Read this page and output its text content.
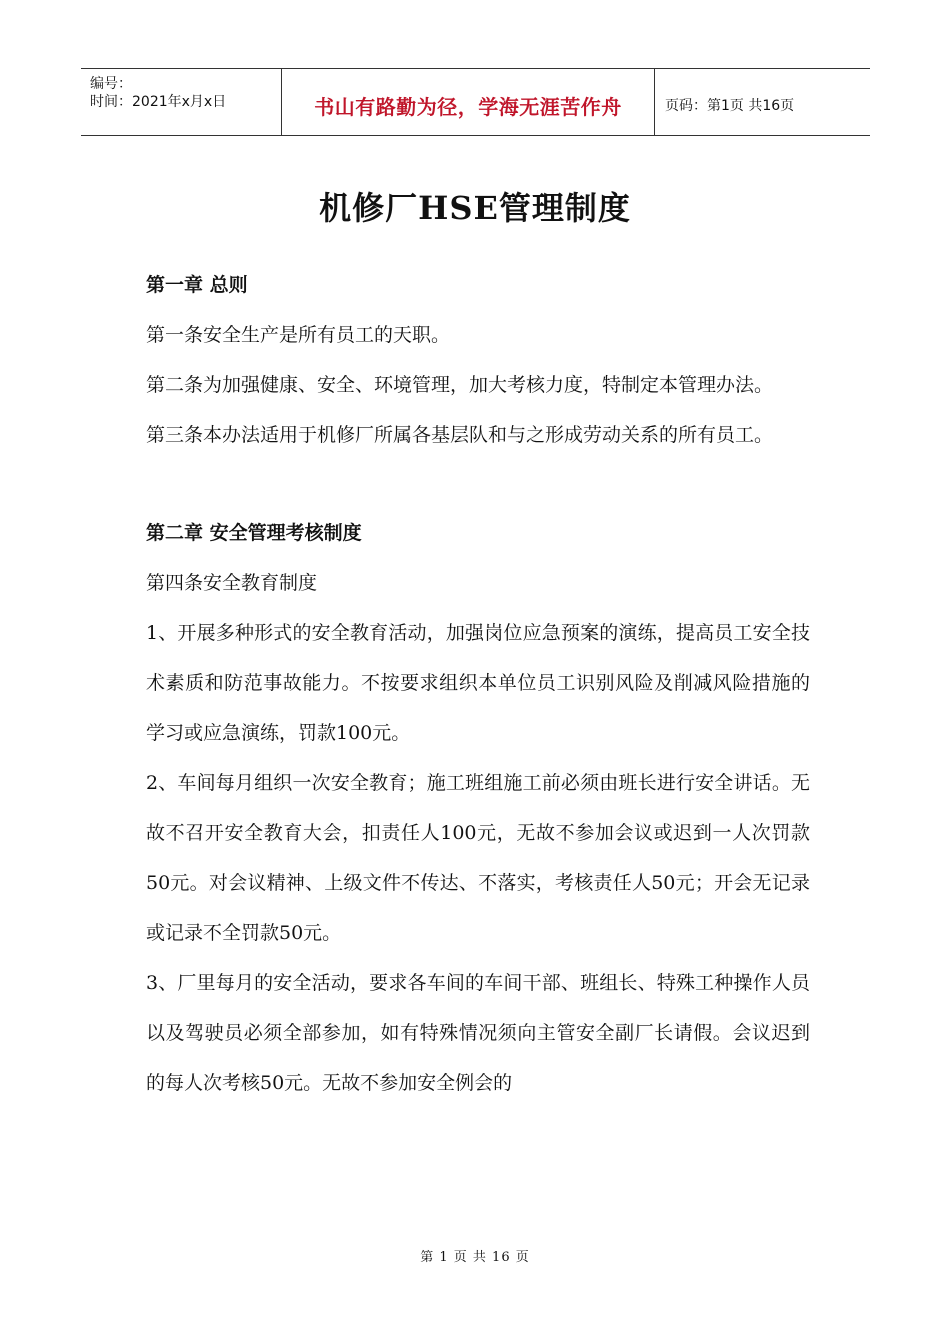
编号：
时间：2021年x月x日	书山有路勤为径，学海无涯苦作舟	页码：第1页 共16页
机修厂HSE管理制度
第一章 总则

第一条安全生产是所有员工的天职。

第二条为加强健康、安全、环境管理，加大考核力度，特制定本管理办法。

第三条本办法适用于机修厂所属各基层队和与之形成劳动关系的所有员工。

第二章 安全管理考核制度

第四条安全教育制度

1、开展多种形式的安全教育活动，加强岗位应急预案的演练，提高员工安全技术素质和防范事故能力。不按要求组织本单位员工识别风险及削减风险措施的学习或应急演练，罚款100元。

2、车间每月组织一次安全教育；施工班组施工前必须由班长进行安全讲话。无故不召开安全教育大会，扣责任人100元，无故不参加会议或迟到一人次罚款50元。对会议精神、上级文件不传达、不落实，考核责任人50元；开会无记录或记录不全罚款50元。

3、厂里每月的安全活动，要求各车间的车间干部、班组长、特殊工种操作人员以及驾驶员必须全部参加，如有特殊情况须向主管安全副厂长请假。会议迟到的每人次考核50元。无故不参加安全例会的

第 1 页 共 16 页
